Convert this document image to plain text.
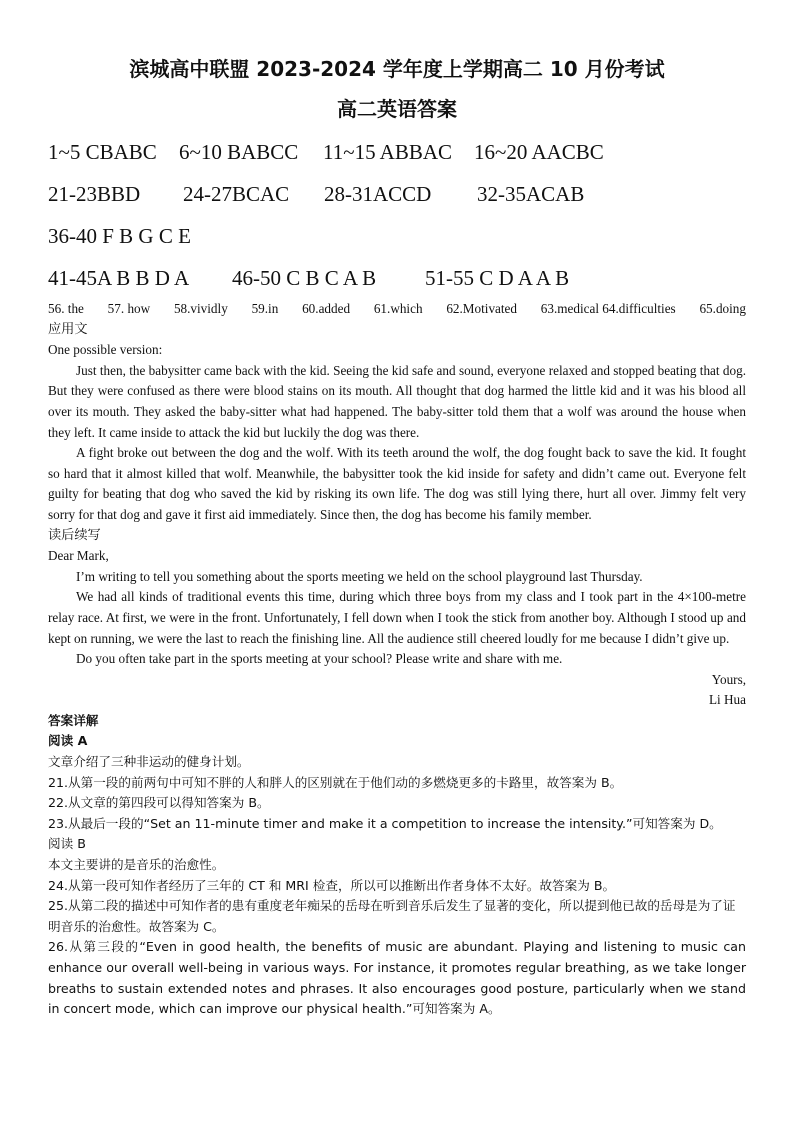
滨城高中联盟 2023-2024 学年度上学期高二 10 月份考试

高二英语答案

1~5 CBABC	6~10 BABCC	11~15 ABBAC	16~20 AACBC
21-23BBD	24-27BCAC	28-31ACCD	32-35ACAB
36-40 F B G C E
41-45A B B D A	46-50 C B C A B	51-55 C D A A B
56. the 57. how 58.vividly 59.in 60.added 61.which 62.Motivated 63.medical 64.difficulties 65.doing

应用文

One possible version:

Just then, the babysitter came back with the kid. Seeing the kid safe and sound, everyone relaxed and stopped beating that dog. But they were confused as there were blood stains on its mouth. All thought that dog harmed the little kid and it was his blood all over its mouth. They asked the baby-sitter what had happened. The baby-sitter told them that a wolf was around the house when they left. It came inside to attack the kid but luckily the dog was there.

A fight broke out between the dog and the wolf. With its teeth around the wolf, the dog fought back to save the kid. It fought so hard that it almost killed that wolf. Meanwhile, the babysitter took the kid inside for safety and didn’t came out. Everyone felt guilty for beating that dog who saved the kid by risking its own life. The dog was still lying there, hurt all over. Jimmy felt very sorry for that dog and gave it first aid immediately. Since then, the dog has become his family member.

读后续写

Dear Mark,

I’m writing to tell you something about the sports meeting we held on the school playground last Thursday.

We had all kinds of traditional events this time, during which three boys from my class and I took part in the 4×100-metre relay race. At first, we were in the front. Unfortunately, I fell down when I took the stick from another boy. Although I stood up and kept on running, we were the last to reach the finishing line. All the audience still cheered loudly for me because I didn’t give up.

Do you often take part in the sports meeting at your school? Please write and share with me.

Yours,

Li Hua

答案详解

阅读 A

文章介绍了三种非运动的健身计划。

21.从第一段的前两句中可知不胖的人和胖人的区别就在于他们动的多燃烧更多的卡路里，故答案为 B。

22.从文章的第四段可以得知答案为 B。

23.从最后一段的“Set an 11-minute timer and make it a competition to increase the intensity.”可知答案为 D。

阅读 B

本文主要讲的是音乐的治愈性。

24.从第一段可知作者经历了三年的 CT 和 MRI 检查，所以可以推断出作者身体不太好。故答案为 B。

25.从第二段的描述中可知作者的患有重度老年痴呆的岳母在听到音乐后发生了显著的变化，所以提到他已故的岳母是为了证明音乐的治愈性。故答案为 C。

26.从第三段的“Even in good health, the benefits of music are abundant. Playing and listening to music can enhance our overall well-being in various ways. For instance, it promotes regular breathing, as we take longer breaths to sustain extended notes and phrases. It also encourages good posture, particularly when we stand in concert mode, which can improve our physical health.”可知答案为 A。
